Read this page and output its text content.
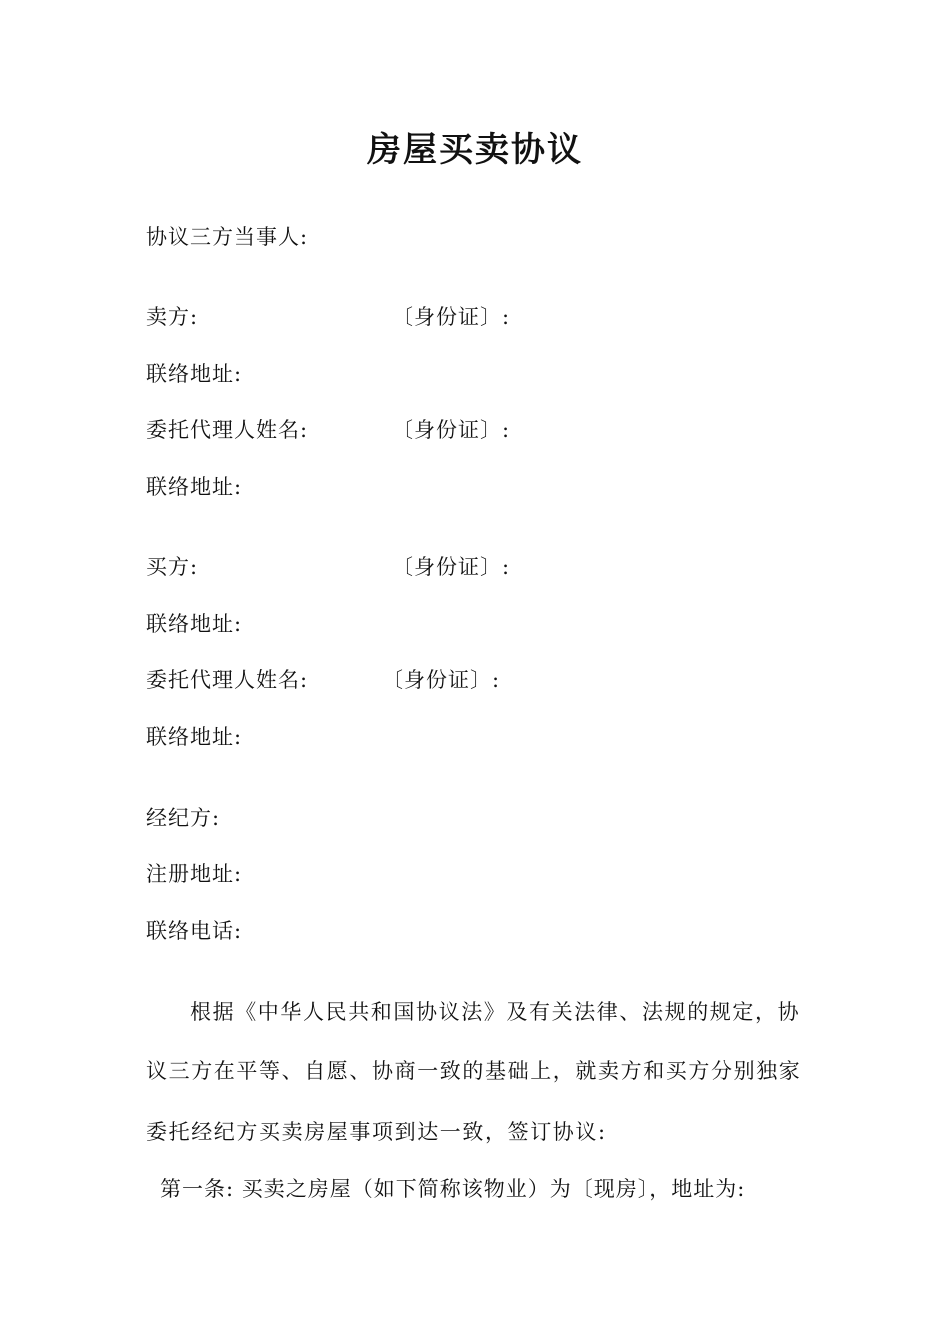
房屋买卖协议
协议三方当事人:
卖方:	〔身份证〕:
联络地址:
委托代理人姓名:	〔身份证〕:
联络地址:
买方:	〔身份证〕:
联络地址:
委托代理人姓名:	〔身份证〕:
联络地址:
经纪方:
注册地址:
联络电话:
根据《中华人民共和国协议法》及有关法律、法规的规定，协
议三方在平等、自愿、协商一致的基础上，就卖方和买方分别独家
委托经纪方买卖房屋事项到达一致，签订协议:
第一条: 买卖之房屋（如下简称该物业）为〔现房〕，地址为:
